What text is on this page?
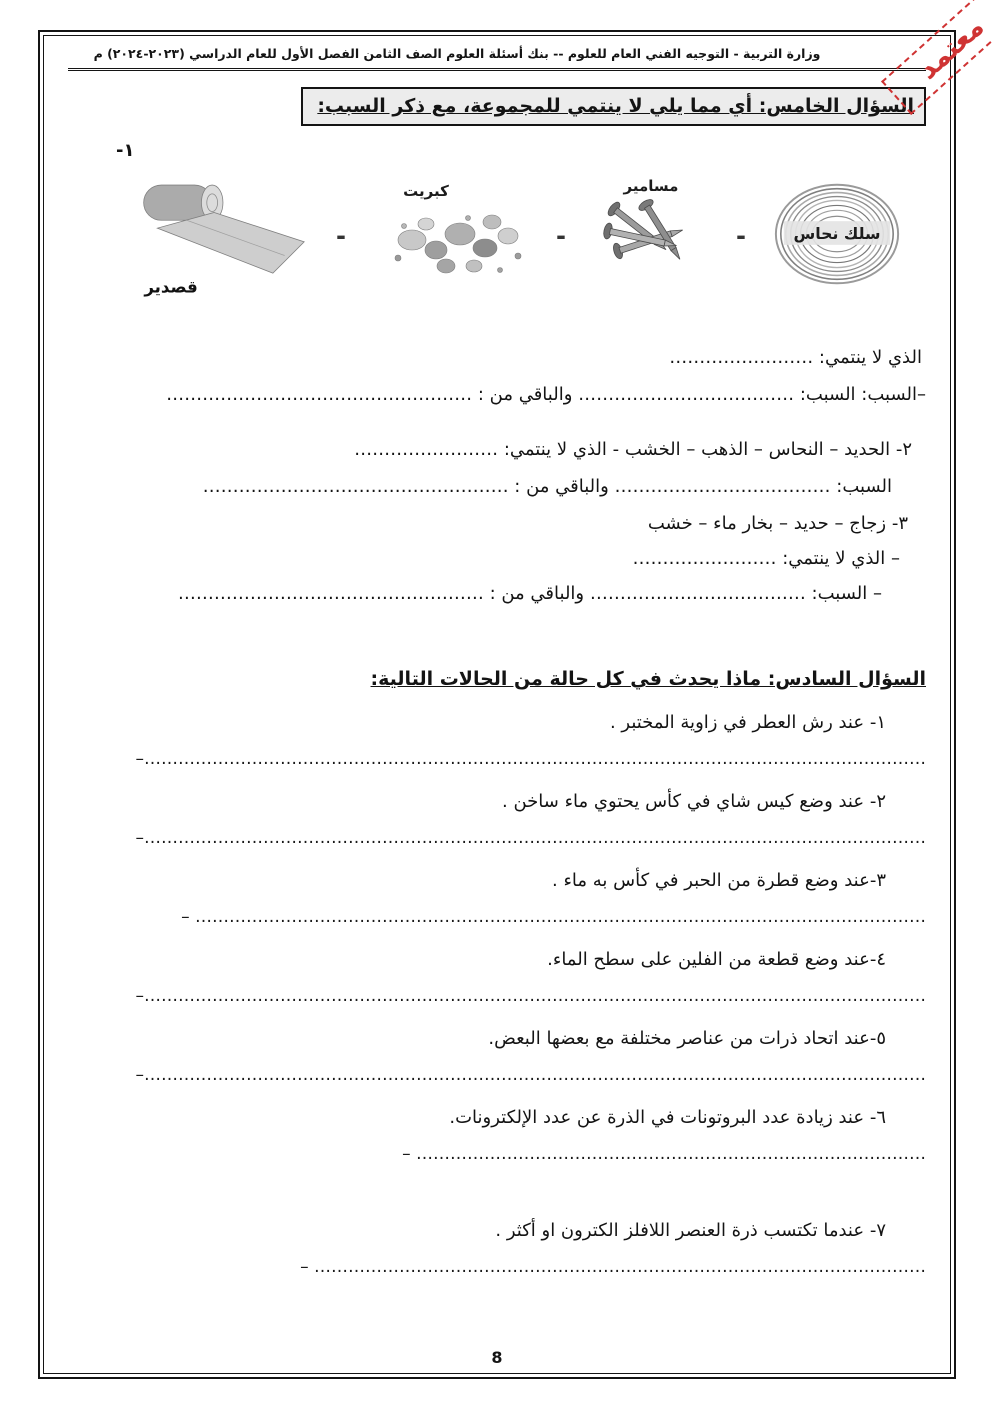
معتمد
وزارة التربية - التوجيه الفني العام للعلوم -- بنك أسئلة العلوم الصف الثامن الفصل الأول للعام الدراسي (٢٠٢٣-٢٠٢٤) م
السؤال الخامس: أي مما يلي لا ينتمي للمجموعة، مع ذكر السبب:
١-
سلك نحاس
-
مسامير
-
كبريت
-
قصدير
الذي لا ينتمي: ……………………
–السبب: السبب: ……………………………… والباقي من : ……………………………………………
٢- الحديد – النحاس – الذهب – الخشب - الذي لا ينتمي: ……………………
السبب: ……………………………… والباقي من : ……………………………………………
٣- زجاج – حديد – بخار ماء – خشب
– الذي لا ينتمي: ……………………
– السبب: ……………………………… والباقي من : ……………………………………………
السؤال السادس: ماذا يحدث في كل حالة من الحالات التالية:
١- عند رش العطر في زاوية المختبر .
…………………………………………………………………………………………………………………………–
٢- عند وضع كيس شاي في كأس يحتوي ماء ساخن .
…………………………………………………………………………………………………………………………–
٣-عند وضع قطرة من الحبر في كأس به ماء .
………………………………………………………………………………………………………………… –
٤-عند وضع قطعة من الفلين على سطح الماء.
…………………………………………………………………………………………………………………………–
٥-عند اتحاد ذرات من عناصر مختلفة مع بعضها البعض.
…………………………………………………………………………………………………………………………–
٦- عند زيادة عدد البروتونات في الذرة عن عدد الإلكترونات.
……………………………………………………………………………… –
٧- عندما تكتسب ذرة العنصر اللافلز الكترون او أكثر .
……………………………………………………………………………………………… –
8
